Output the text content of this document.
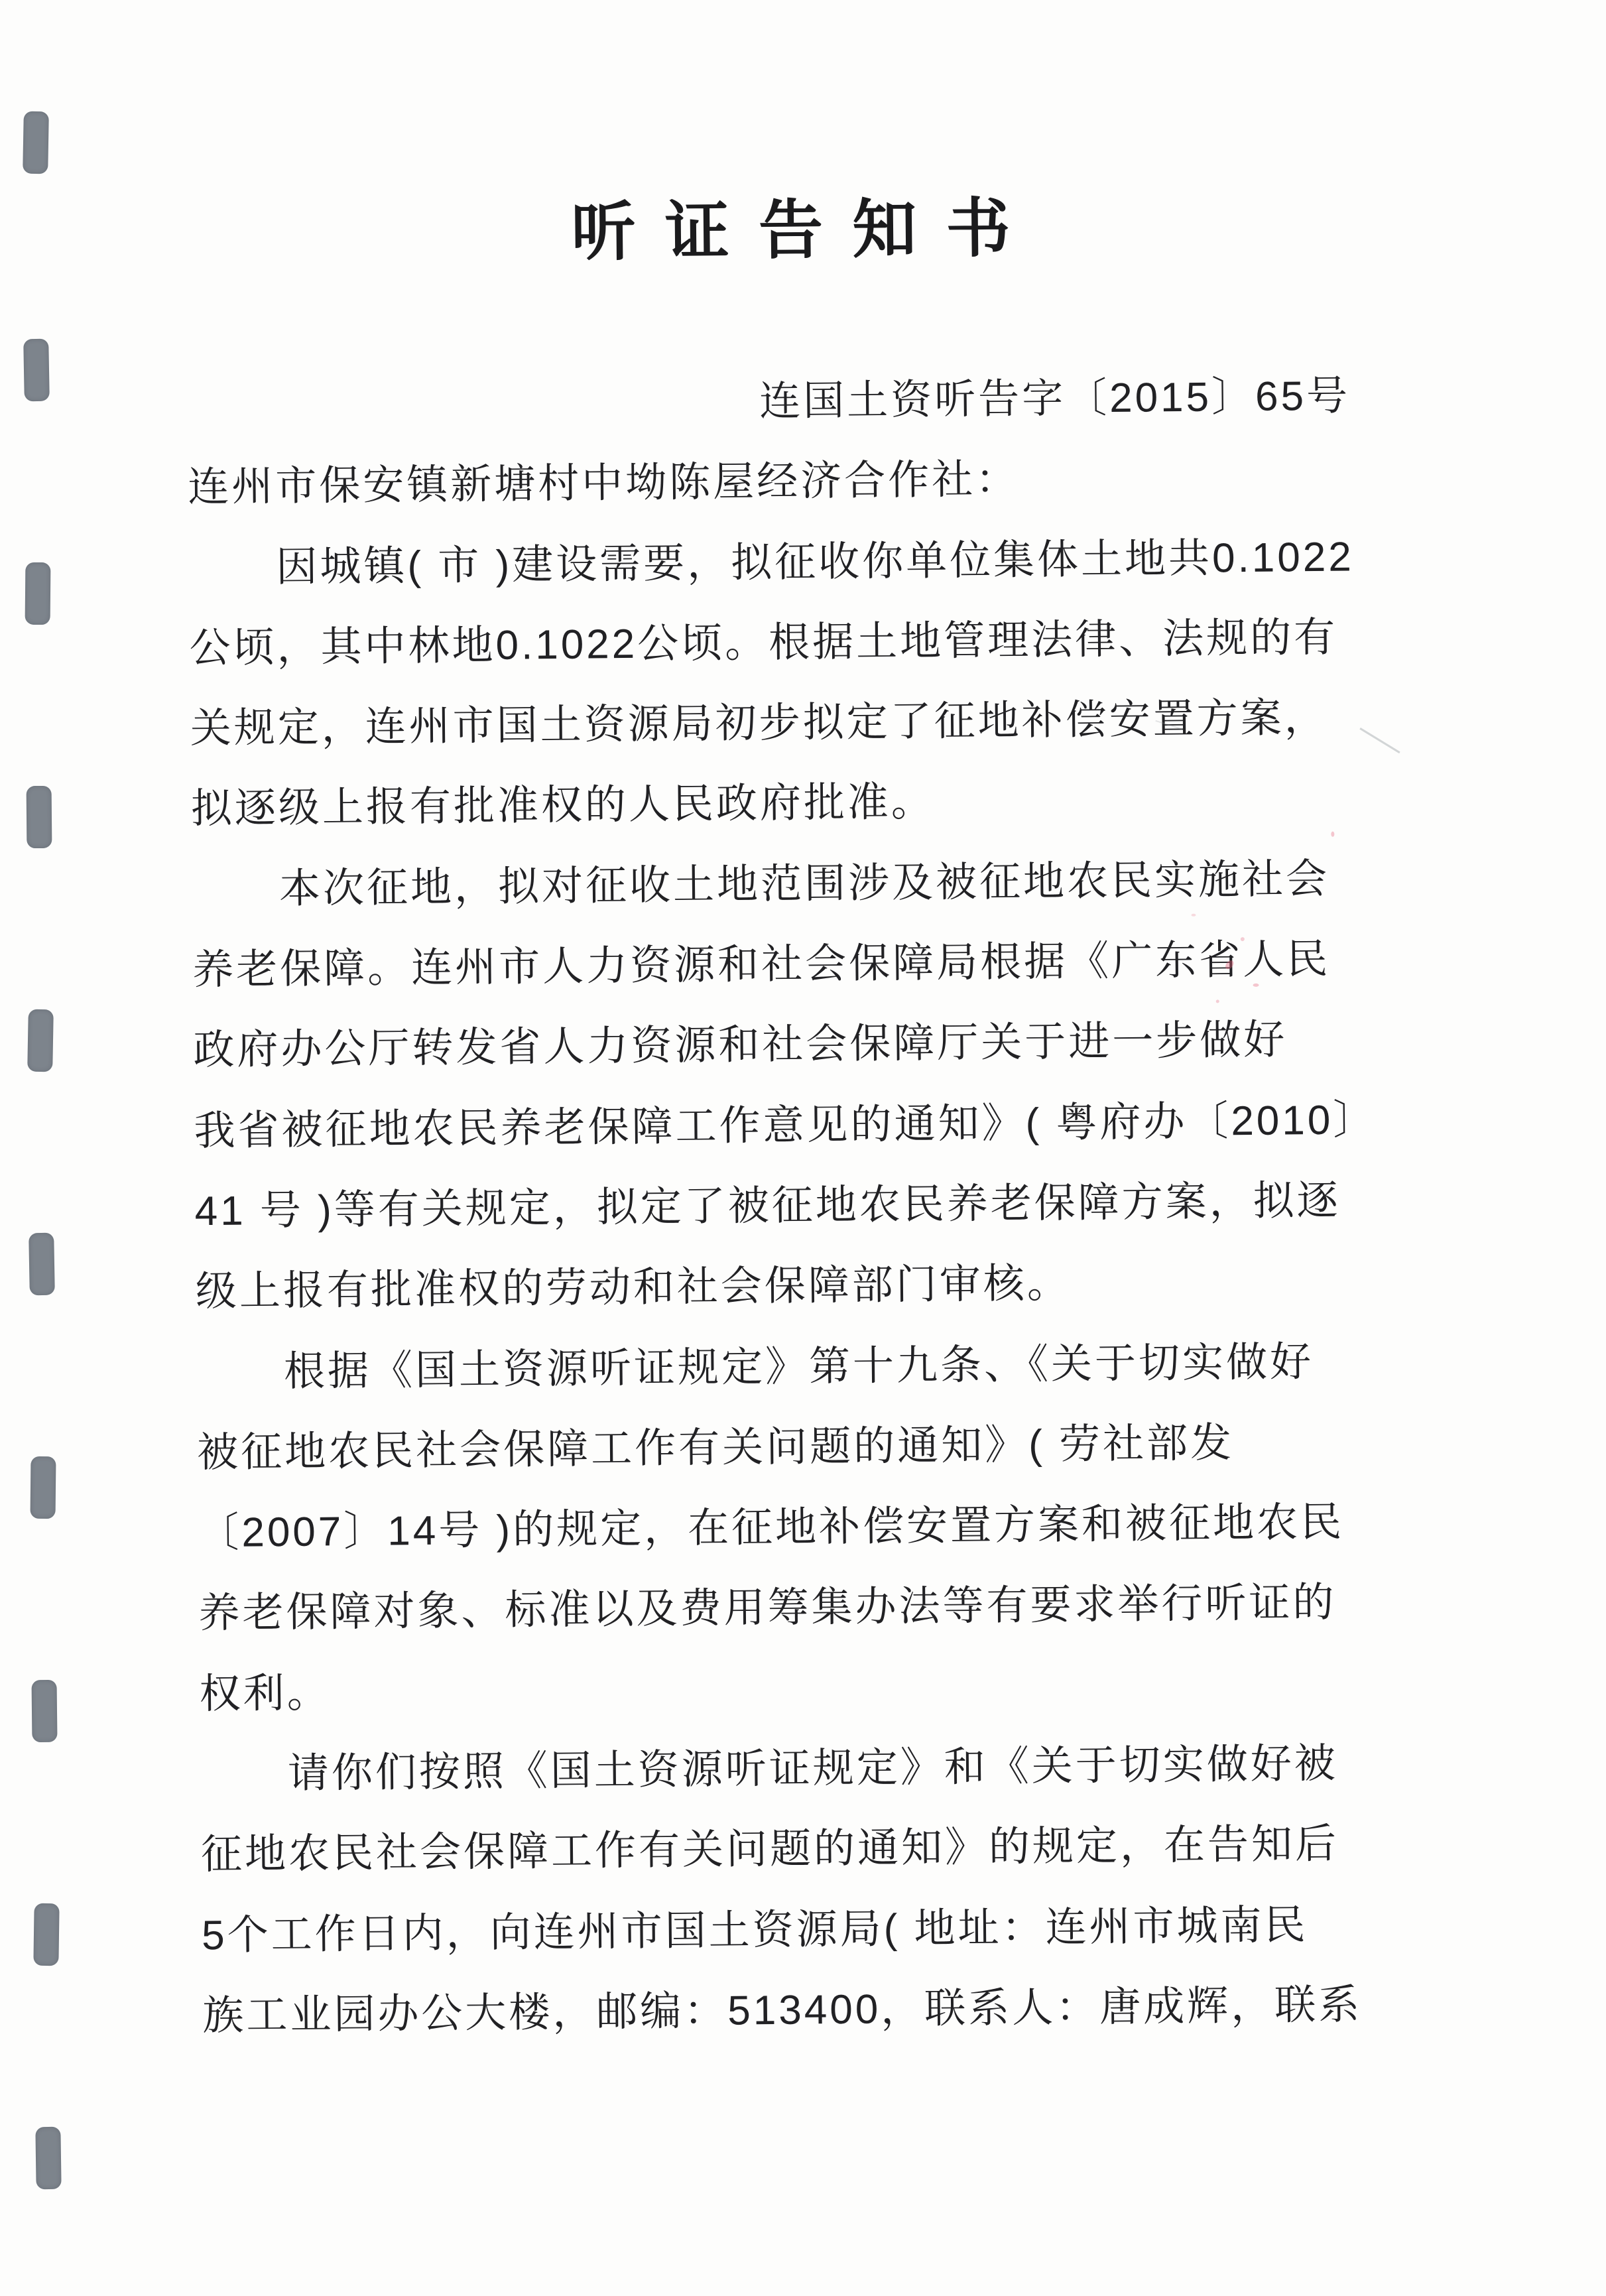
听 证 告 知 书
连国土资听告字〔2015〕65号
连州市保安镇新塘村中坳陈屋经济合作社：
因城镇( 市 )建设需要，拟征收你单位集体土地共0.1022
公顷，其中林地0.1022公顷。根据土地管理法律、法规的有
关规定，连州市国土资源局初步拟定了征地补偿安置方案，
拟逐级上报有批准权的人民政府批准。
本次征地，拟对征收土地范围涉及被征地农民实施社会
养老保障。连州市人力资源和社会保障局根据《广东省人民
政府办公厅转发省人力资源和社会保障厅关于进一步做好
我省被征地农民养老保障工作意见的通知》( 粤府办〔2010〕
41 号 )等有关规定，拟定了被征地农民养老保障方案，拟逐
级上报有批准权的劳动和社会保障部门审核。
根据《国土资源听证规定》第十九条、《关于切实做好
被征地农民社会保障工作有关问题的通知》( 劳社部发
〔2007〕14号 )的规定，在征地补偿安置方案和被征地农民
养老保障对象、标准以及费用筹集办法等有要求举行听证的
权利。
请你们按照《国土资源听证规定》和《关于切实做好被
征地农民社会保障工作有关问题的通知》的规定，在告知后
5个工作日内，向连州市国土资源局( 地址：连州市城南民
族工业园办公大楼，邮编：513400，联系人：唐成辉，联系
